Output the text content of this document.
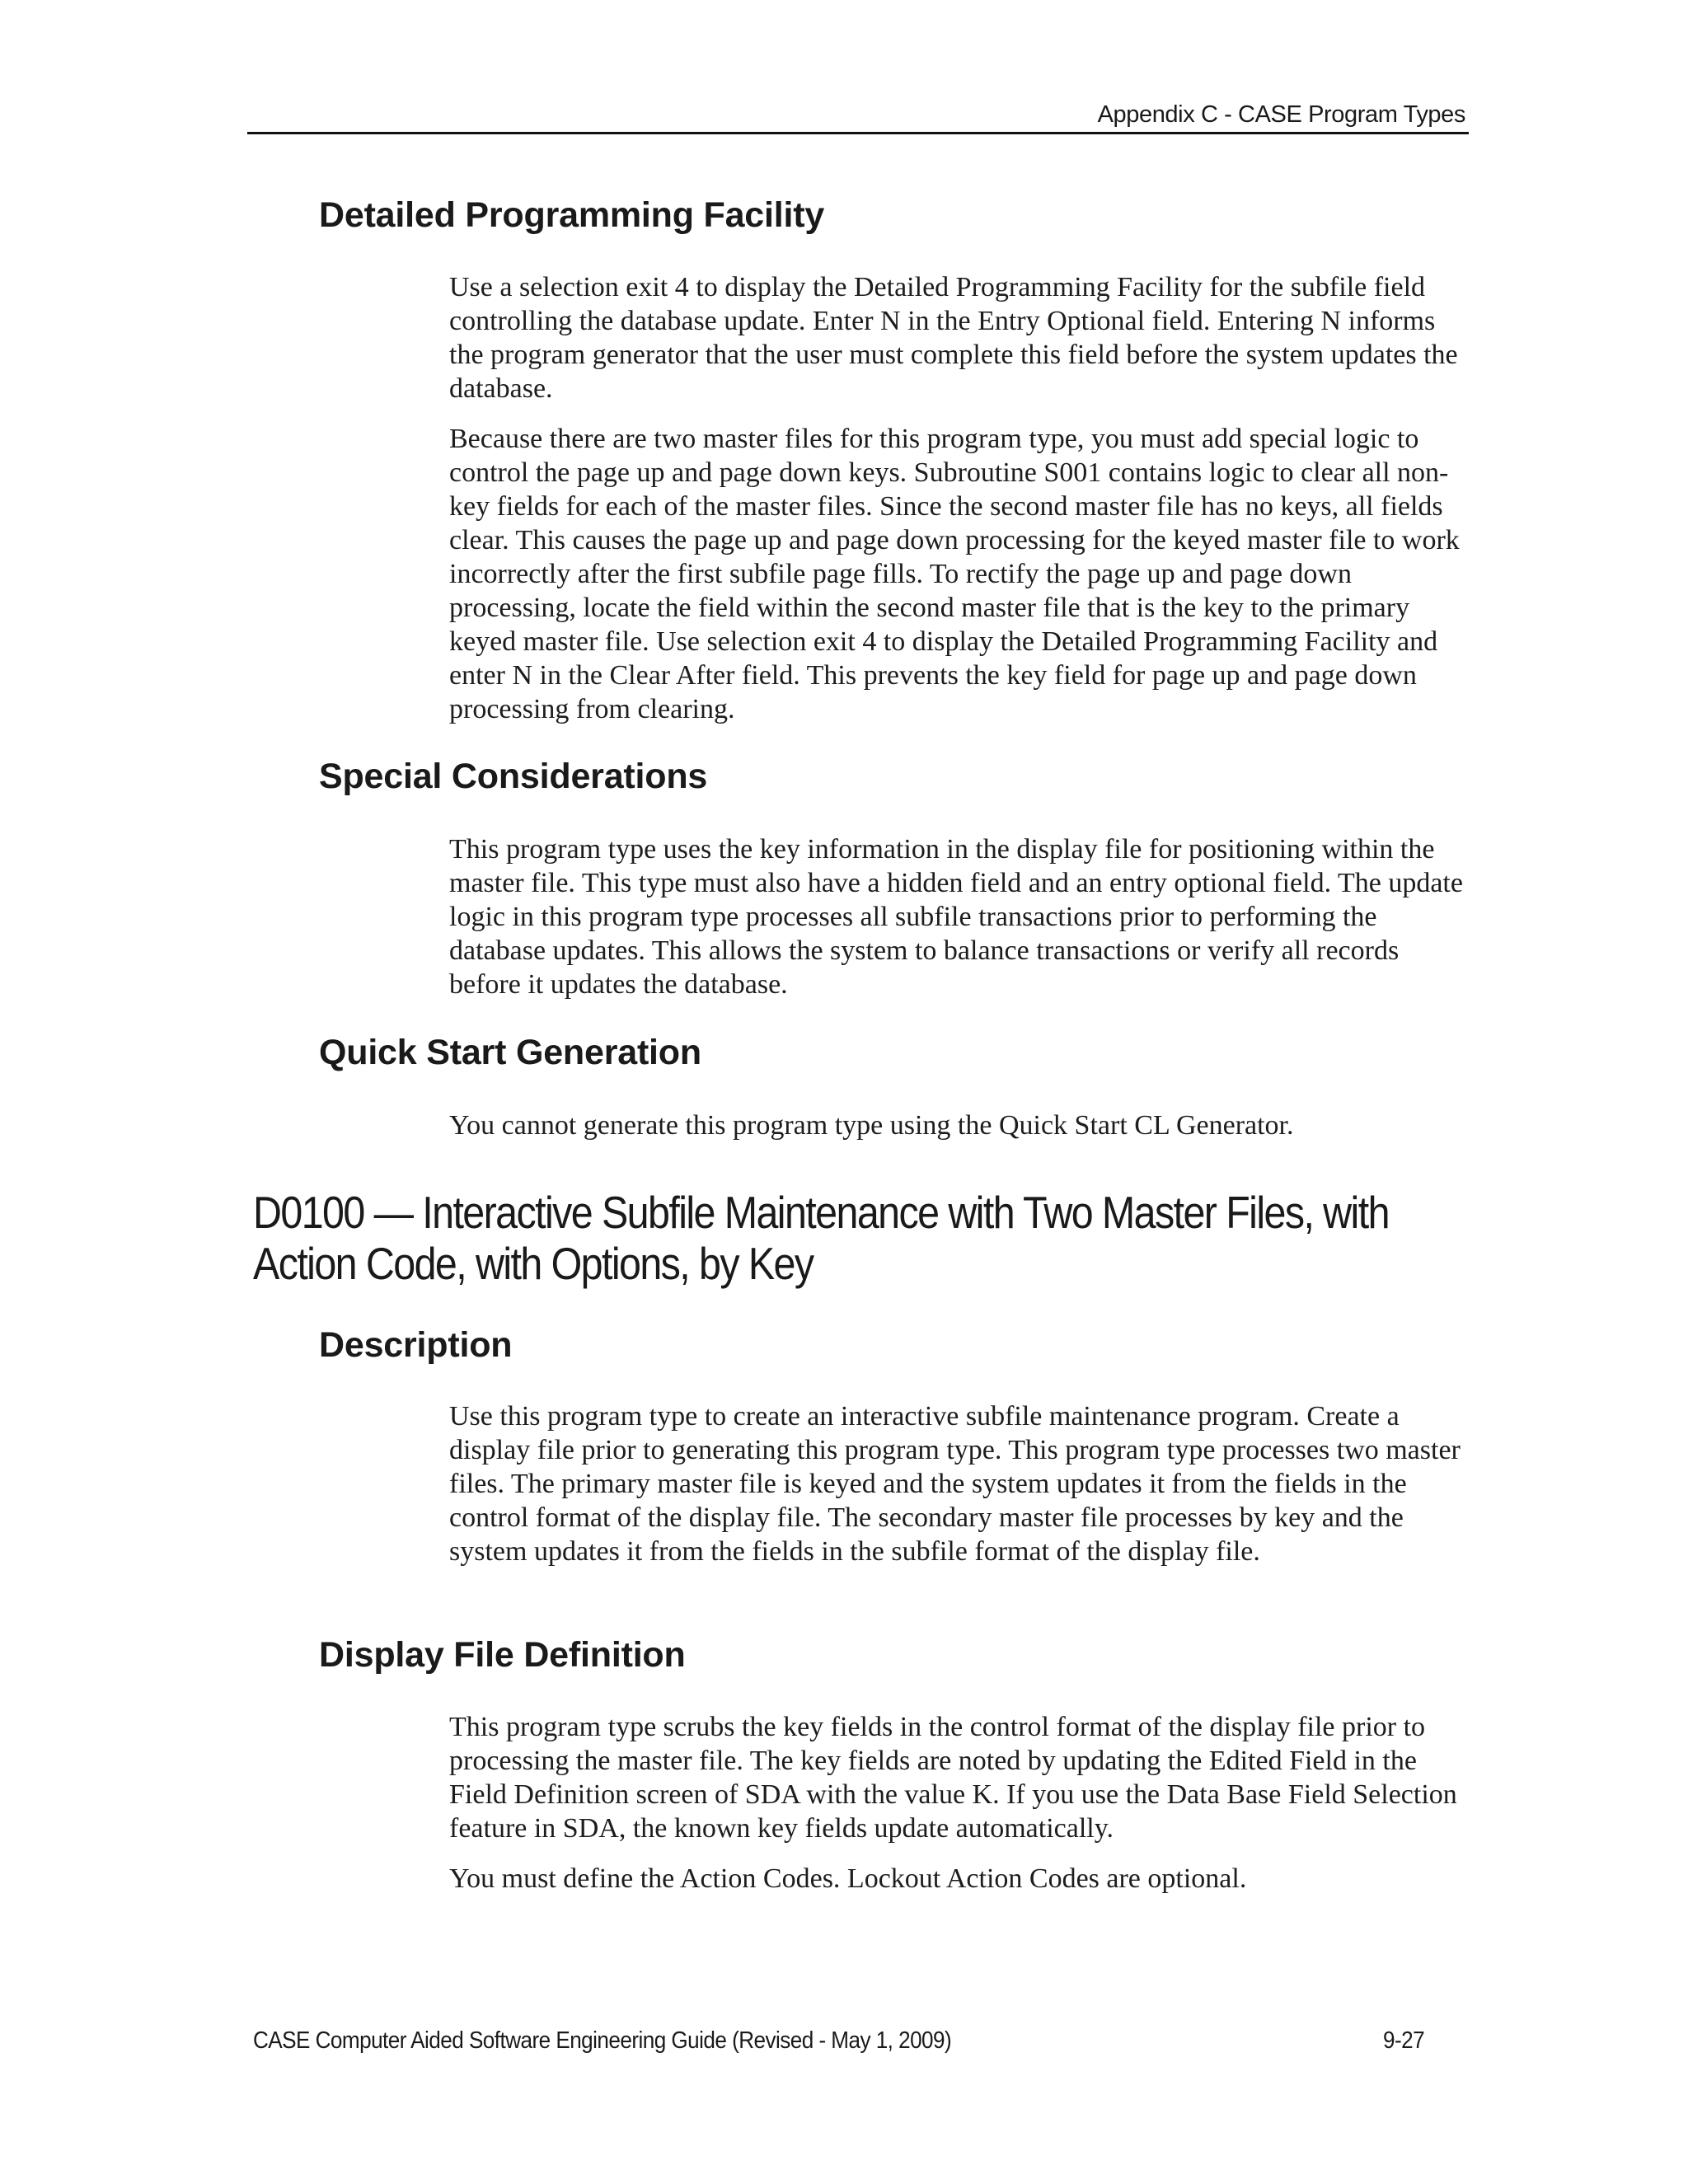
Appendix C - CASE Program Types
Detailed Programming Facility

Use a selection exit 4 to display the Detailed Programming Facility for the subfile field controlling the database update. Enter N in the Entry Optional field. Entering N informs the program generator that the user must complete this field before the system updates the database.

Because there are two master files for this program type, you must add special logic to control the page up and page down keys. Subroutine S001 contains logic to clear all non-key fields for each of the master files. Since the second master file has no keys, all fields clear. This causes the page up and page down processing for the keyed master file to work incorrectly after the first subfile page fills. To rectify the page up and page down processing, locate the field within the second master file that is the key to the primary keyed master file. Use selection exit 4 to display the Detailed Programming Facility and enter N in the Clear After field. This prevents the key field for page up and page down processing from clearing.

Special Considerations

This program type uses the key information in the display file for positioning within the master file. This type must also have a hidden field and an entry optional field. The update logic in this program type processes all subfile transactions prior to performing the database updates. This allows the system to balance transactions or verify all records before it updates the database.

Quick Start Generation

You cannot generate this program type using the Quick Start CL Generator.

D0100 — Interactive Subfile Maintenance with Two Master Files, with
Action Code, with Options, by Key
Description

Use this program type to create an interactive subfile maintenance program. Create a display file prior to generating this program type. This program type processes two master files. The primary master file is keyed and the system updates it from the fields in the control format of the display file. The secondary master file processes by key and the system updates it from the fields in the subfile format of the display file.

Display File Definition

This program type scrubs the key fields in the control format of the display file prior to processing the master file. The key fields are noted by updating the Edited Field in the Field Definition screen of SDA with the value K. If you use the Data Base Field Selection feature in SDA, the known key fields update automatically.

You must define the Action Codes. Lockout Action Codes are optional.

CASE Computer Aided Software Engineering Guide (Revised - May 1, 2009)	9-27
